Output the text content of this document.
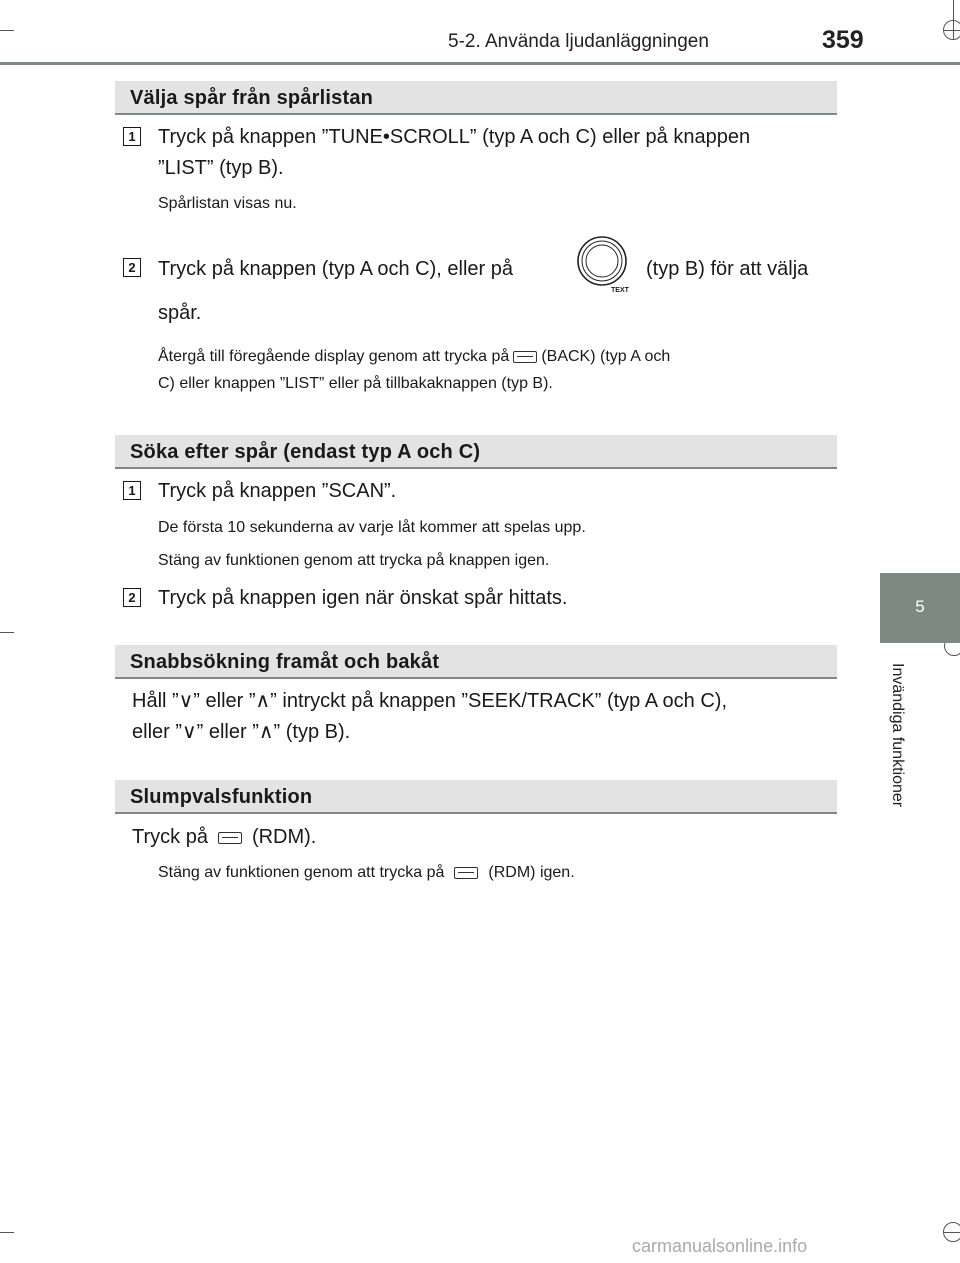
5-2. Använda ljudanläggningen	359
5
Invändiga funktioner
Välja spår från spårlistan
1 Tryck på knappen ”TUNE•SCROLL” (typ A och C) eller på knappen
”LIST” (typ B).
Spårlistan visas nu.
2 Tryck på knappen (typ A och C), eller på
TEXT
(typ B) för att välja
spår.
Återgå till föregående display genom att trycka på (BACK) (typ A och
C) eller knappen ”LIST” eller på tillbakaknappen (typ B).
Söka efter spår (endast typ A och C)
1 Tryck på knappen ”SCAN”.
De första 10 sekunderna av varje låt kommer att spelas upp.
Stäng av funktionen genom att trycka på knappen igen.
2 Tryck på knappen igen när önskat spår hittats.
Snabbsökning framåt och bakåt
Håll ”∨” eller ”∧” intryckt på knappen ”SEEK/TRACK” (typ A och C),
eller ”∨” eller ”∧” (typ B).
Slumpvalsfunktion
Tryck på (RDM).
Stäng av funktionen genom att trycka på	(RDM) igen.
carmanualsonline.info
